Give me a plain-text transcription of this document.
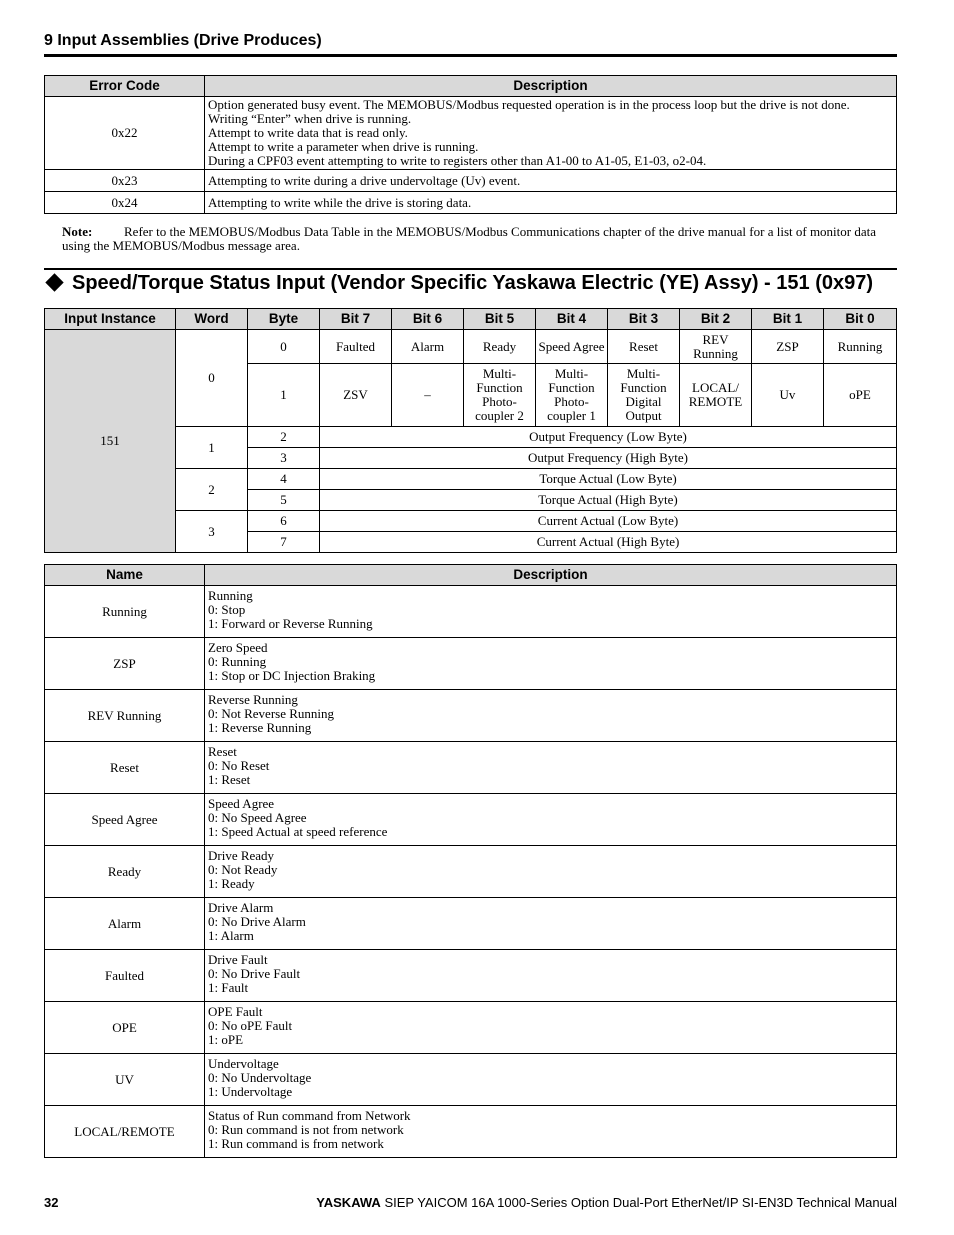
9 Input Assemblies (Drive Produces)
Error Code	Description
0x22	Option generated busy event. The MEMOBUS/Modbus requested operation is in the process loop but the drive is not done.
Writing “Enter” when drive is running.
Attempt to write data that is read only.
Attempt to write a parameter when drive is running.
During a CPF03 event attempting to write to registers other than A1-00 to A1-05, E1-03, o2-04.

0x23	Attempting to write during a drive undervoltage (Uv) event.

0x24	Attempting to write while the drive is storing data.
Note:	Refer to the MEMOBUS/Modbus Data Table in the MEMOBUS/Modbus Communications chapter of the drive manual for a list of monitor data using the MEMOBUS/Modbus message area.
Speed/Torque Status Input (Vendor Specific Yaskawa Electric (YE) Assy) - 151 (0x97)
Input Instance	Word	Byte	Bit 7	Bit 6	Bit 5	Bit 4	Bit 3	Bit 2	Bit 1	Bit 0
151	0	0	Faulted	Alarm	Ready	Speed Agree	Reset	REV Running	ZSP	Running
		1	ZSV	–	Multi-Function Photo-coupler 2	Multi-Function Photo-coupler 1	Multi-Function Digital Output	LOCAL/ REMOTE	Uv	oPE
	1	2	Output Frequency (Low Byte)							
		3	Output Frequency (High Byte)							
	2	4	Torque Actual (Low Byte)							
		5	Torque Actual (High Byte)							
	3	6	Current Actual (Low Byte)							
		7	Current Actual (High Byte)							
Name	Description
Running	Running
0: Stop
1: Forward or Reverse Running

ZSP	Zero Speed
0: Running
1: Stop or DC Injection Braking

REV Running	Reverse Running
0: Not Reverse Running
1: Reverse Running

Reset	Reset
0: No Reset
1: Reset

Speed Agree	Speed Agree
0: No Speed Agree
1: Speed Actual at speed reference

Ready	Drive Ready
0: Not Ready
1: Ready

Alarm	Drive Alarm
0: No Drive Alarm
1: Alarm

Faulted	Drive Fault
0: No Drive Fault
1: Fault

OPE	OPE Fault
0: No oPE Fault
1: oPE

UV	Undervoltage
0: No Undervoltage
1: Undervoltage

LOCAL/REMOTE	Status of Run command from Network
0: Run command is not from network
1: Run command is from network
32	YASKAWA SIEP YAICOM 16A 1000-Series Option Dual-Port EtherNet/IP SI-EN3D Technical Manual
